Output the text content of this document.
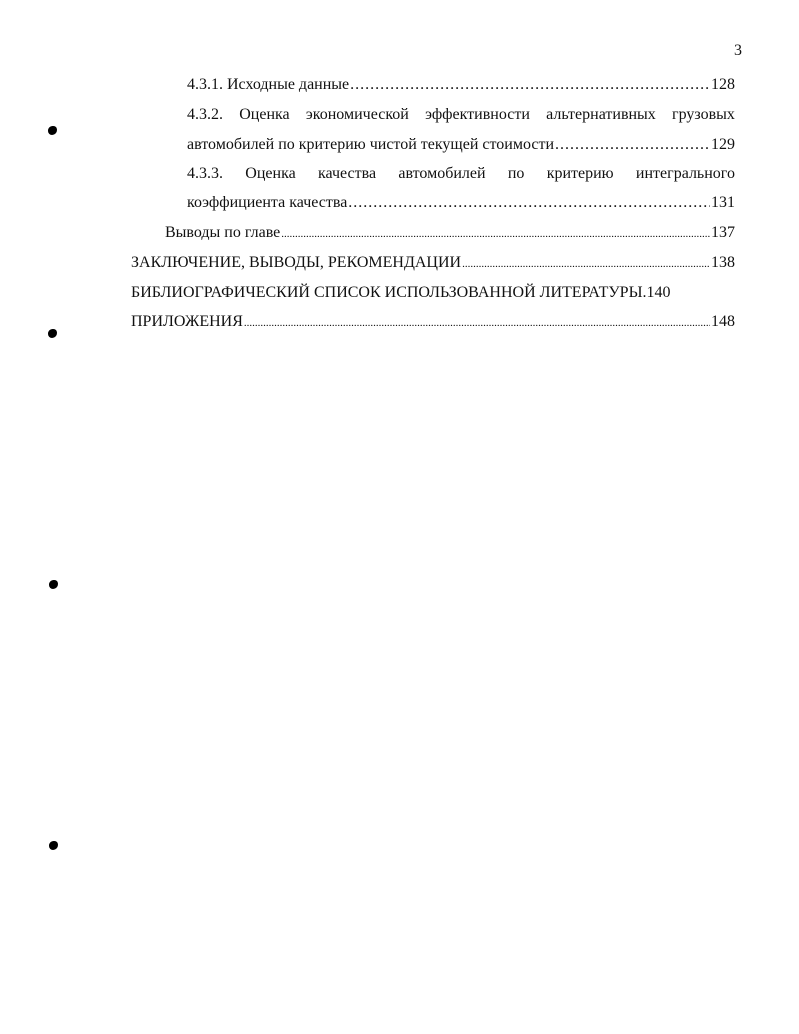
3
4.3.1. Исходные данные . . .	128
4.3.2. Оценка экономической эффективности альтернативных грузовых
автомобилей по критерию чистой текущей стоимости . . .	129
4.3.3. Оценка качества автомобилей по критерию интегрального
коэффициента качества . . .	131
Выводы по главе .....	137
ЗАКЛЮЧЕНИЕ, ВЫВОДЫ, РЕКОМЕНДАЦИИ .....	138
БИБЛИОГРАФИЧЕСКИЙ СПИСОК ИСПОЛЬЗОВАННОЙ ЛИТЕРАТУРЫ. 140
ПРИЛОЖЕНИЯ .....	148
